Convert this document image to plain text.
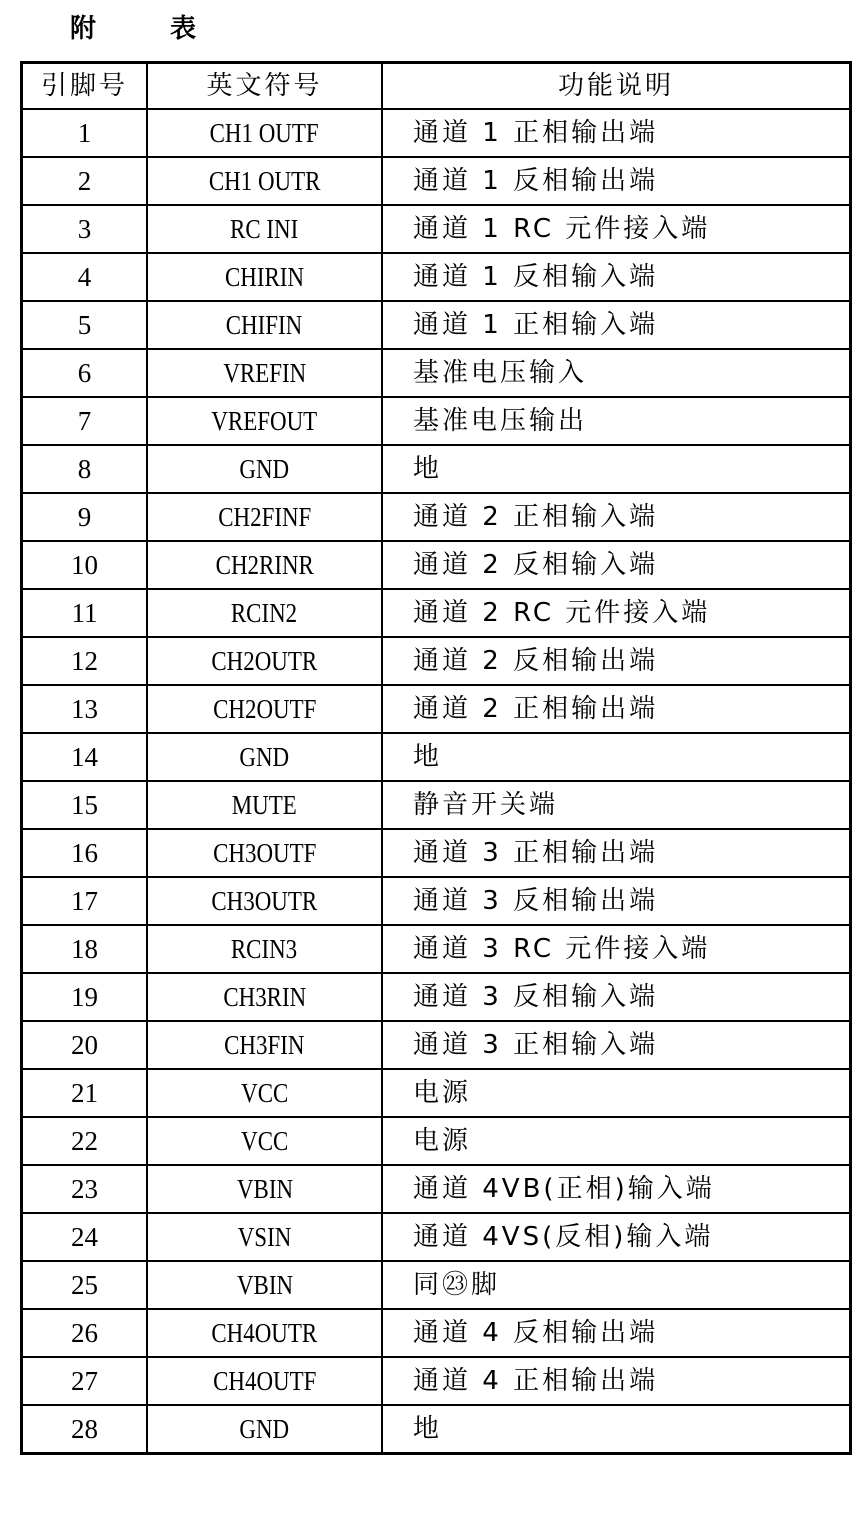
附　表
引脚号	英文符号	功能说明
1	CH1 OUTF	通道 1 正相输出端
2	CH1 OUTR	通道 1 反相输出端
3	RC INI	通道 1 RC 元件接入端
4	CHIRIN	通道 1 反相输入端
5	CHIFIN	通道 1 正相输入端
6	VREFIN	基准电压输入
7	VREFOUT	基准电压输出
8	GND	地
9	CH2FINF	通道 2 正相输入端
10	CH2RINR	通道 2 反相输入端
11	RCIN2	通道 2 RC 元件接入端
12	CH2OUTR	通道 2 反相输出端
13	CH2OUTF	通道 2 正相输出端
14	GND	地
15	MUTE	静音开关端
16	CH3OUTF	通道 3 正相输出端
17	CH3OUTR	通道 3 反相输出端
18	RCIN3	通道 3 RC 元件接入端
19	CH3RIN	通道 3 反相输入端
20	CH3FIN	通道 3 正相输入端
21	VCC	电源
22	VCC	电源
23	VBIN	通道 4VB(正相)输入端
24	VSIN	通道 4VS(反相)输入端
25	VBIN	同㉓脚
26	CH4OUTR	通道 4 反相输出端
27	CH4OUTF	通道 4 正相输出端
28	GND	地
